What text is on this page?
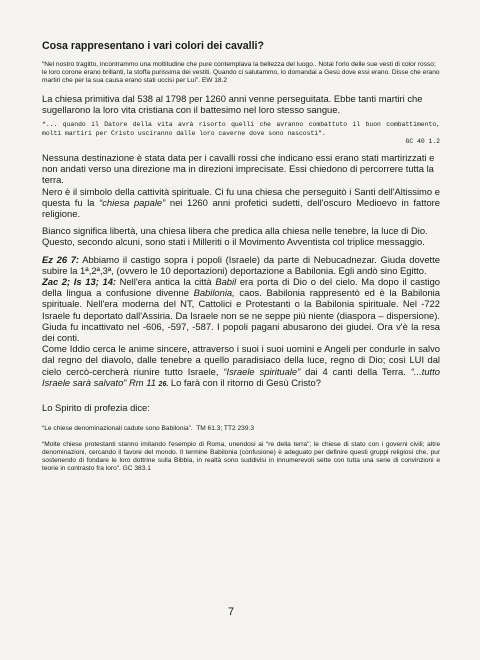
Cosa rappresentano i vari colori dei cavalli?

“Nel nostro tragitto, incontrammo una moltitudine che pure contemplava la bellezza del luogo.. Notai l'orlo delle sue vesti di color rosso; le loro corone erano brillanti, la stoffa purissima dei vestiti. Quando ci salutammo, lo domandai a Gesù dove essi erano. Disse che erano martiri che per la sua causa erano stati uccisi per Lui”. EW 18.2

La chiesa primitiva dal 538 al 1798 per 1260 anni venne perseguitata. Ebbe tanti martiri che sugellarono la loro vita cristiana con il battesimo nel loro stesso sangue.

“... quando il Datore della vita avrà risorto quelli che avranno combattuto il buon combattimento, molti martiri per Cristo usciranno dalle loro caverne dove sono nascosti”.
GC 40 1.2

Nessuna destinazione è stata data per i cavalli rossi che indicano essi erano stati martirizzati e non andati verso una direzione ma in direzioni imprecisate. Essi chiedono di percorrere tutta la terra.

Nero è il simbolo della cattività spirituale. Ci fu una chiesa che perseguitò i Santi dell'Altissimo e questa fu la “chiesa papale” nei 1260 anni profetici sudetti, dell'oscuro Medioevo in fattore religione.

Bianco significa libertà, una chiesa libera che predica alla chiesa nelle tenebre, la luce di Dio. Questo, secondo alcuni, sono stati i Milleriti o il Movimento Avventista col triplice messaggio.

Ez 26 7: Abbiamo il castigo sopra i popoli (Israele) da parte di Nebucadnezar. Giuda dovette subire la 1ª,2ª,3ª, (ovvero le 10 deportazioni) deportazione a Babilonia. Egli andò sino Egitto.
Zac 2; Is 13; 14: Nell'era antica la città Babil era porta di Dio o del cielo. Ma dopo il castigo della lingua a confusione divenne Babilonia, caos. Babilonia rappresentò ed è la Babilonia spirituale. Nell'era moderna del NT, Cattolici e Protestanti o la Babilonia spirituale. Nel -722 Israele fu deportato dall'Assiria. Da Israele non se ne seppe più niente (diaspora – dispersione). Giuda fu incattivato nel -606, -597, -587. I popoli pagani abusarono dei giudei. Ora v'è la resa dei conti.

Come Iddio cerca le anime sincere, attraverso i suoi i suoi uomini e Angeli per condurle in salvo dal regno del diavolo, dalle tenebre a quello paradisiaco della luce, regno di Dio; così LUI dal cielo cercò-cercherà riunire tutto Israele, “Israele spirituale” dai 4 canti della Terra. “...tutto Israele sarà salvato” Rm 11 26. Lo farà con il ritorno di Gesù Cristo?

Lo Spirito di profezia dice:

“Le chiese denominazionali cadute sono Babilonia”. TM 61.3; TT2 239.3

“Molte chiese protestanti stanno imitando l'esempio di Roma, unendosi ai “re della terra”; le chiese di stato con i governi civili; altre denominazioni, cercando il favore del mondo. Il termine Babilonia (confusione) è adeguato per definire questi gruppi religiosi che, pur sostenendo di fondare le loro dottrine sulla Bibbia, in realtà sono suddivisi in innumerevoli sette con tutta una serie di convinzioni e teorie in contrasto fra loro”. GC 383.1

7
